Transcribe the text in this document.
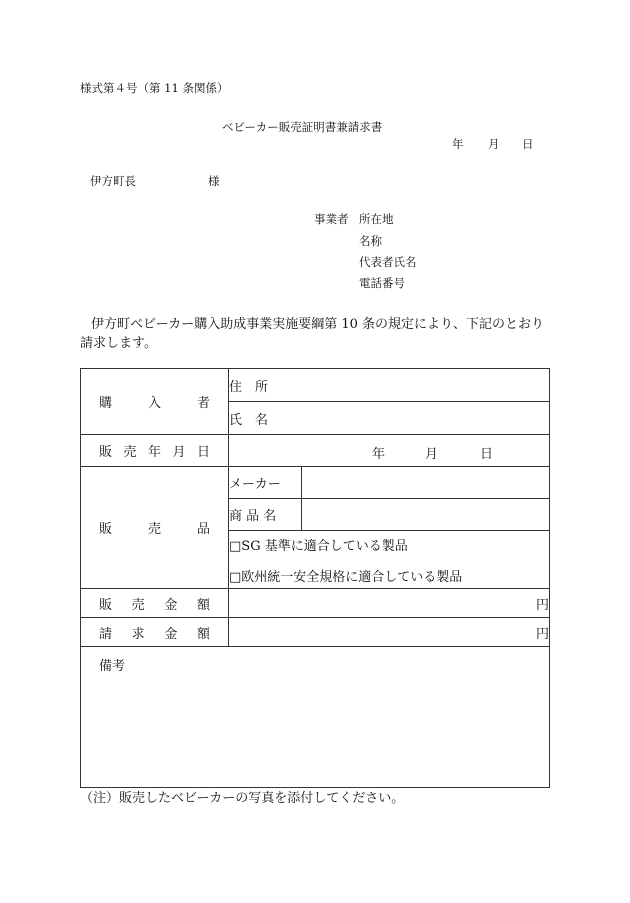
様式第４号（第 11 条関係）
ベビーカー販売証明書兼請求書
年 月 日
伊方町長	様
事業者 所在地
名称
代表者氏名
電話番号
伊方町ベビーカー購入助成事業実施要綱第 10 条の規定により、下記のとおり
請求します。
購 入 者	住　所	
	氏　名	

販 売 年 月 日	年 月 日	

販 売 品	メーカー	
	商 品 名	

	□SG 基準に適合している製品
□欧州統一安全規格に適合している製品	

販 売 金 額	円	

請 求 金 額	円	

備考		
（注）販売したベビーカーの写真を添付してください。
